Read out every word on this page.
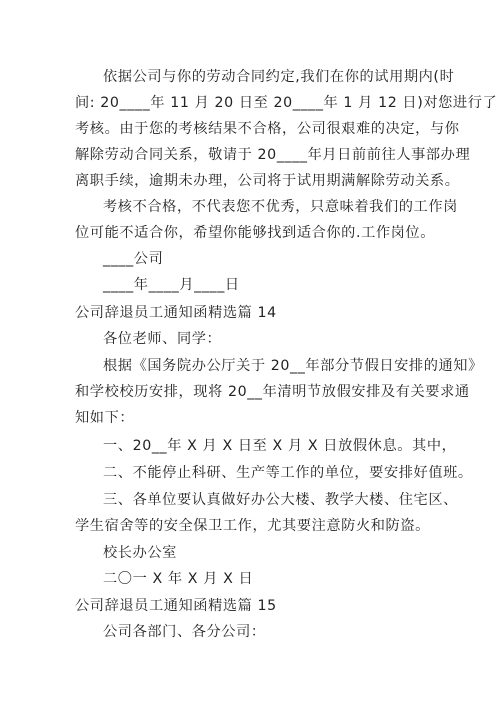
依据公司与你的劳动合同约定,我们在你的试用期内(时
间: 20____年 11 月 20 日至 20____年 1 月 12 日)对您进行了
考核。由于您的考核结果不合格，公司很艰难的决定，与你
解除劳动合同关系，敬请于 20____年月日前前往人事部办理
离职手续，逾期未办理，公司将于试用期满解除劳动关系。
考核不合格，不代表您不优秀，只意味着我们的工作岗
位可能不适合你，希望你能够找到适合你的.工作岗位。
____公司
____年____月____日
公司辞退员工通知函精选篇 14
各位老师、同学：
根据《国务院办公厅关于 20__年部分节假日安排的通知》
和学校校历安排，现将 20__年清明节放假安排及有关要求通
知如下：
一、20__年 X 月 X 日至 X 月 X 日放假休息。其中，
二、不能停止科研、生产等工作的单位，要安排好值班。
三、各单位要认真做好办公大楼、教学大楼、住宅区、
学生宿舍等的安全保卫工作，尤其要注意防火和防盗。
校长办公室
二〇一 X 年 X 月 X 日
公司辞退员工通知函精选篇 15
公司各部门、各分公司：
